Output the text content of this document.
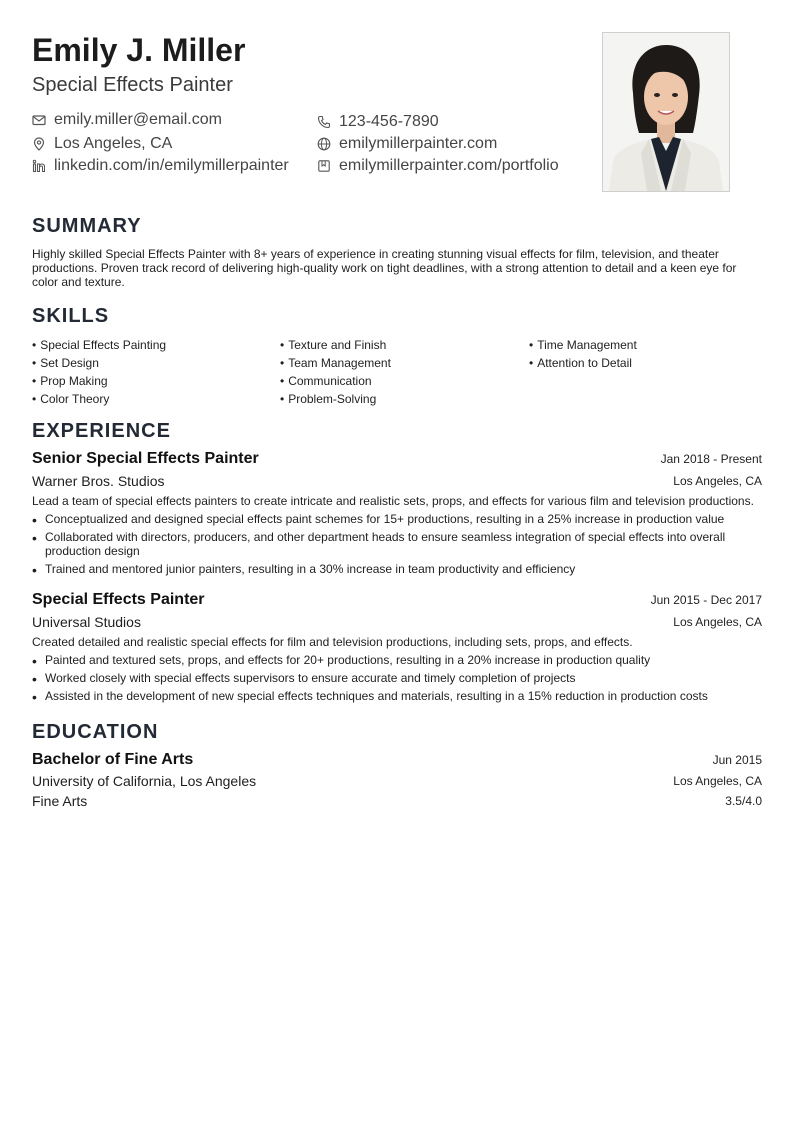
Emily J. Miller
Special Effects Painter
emily.miller@email.com	123-456-7890
Los Angeles, CA	emilymillerpainter.com
linkedin.com/in/emilymillerpainter	emilymillerpainter.com/portfolio
SUMMARY
Highly skilled Special Effects Painter with 8+ years of experience in creating stunning visual effects for film, television, and theater productions. Proven track record of delivering high-quality work on tight deadlines, with a strong attention to detail and a keen eye for color and texture.
SKILLS
• Special Effects Painting
• Set Design
• Prop Making
• Color Theory
• Texture and Finish
• Team Management
• Communication
• Problem-Solving
• Time Management
• Attention to Detail
EXPERIENCE
Senior Special Effects Painter	Jan 2018 - Present
Warner Bros. Studios	Los Angeles, CA
Lead a team of special effects painters to create intricate and realistic sets, props, and effects for various film and television productions.
• Conceptualized and designed special effects paint schemes for 15+ productions, resulting in a 25% increase in production value
• Collaborated with directors, producers, and other department heads to ensure seamless integration of special effects into overall production design
• Trained and mentored junior painters, resulting in a 30% increase in team productivity and efficiency
Special Effects Painter	Jun 2015 - Dec 2017
Universal Studios	Los Angeles, CA
Created detailed and realistic special effects for film and television productions, including sets, props, and effects.
• Painted and textured sets, props, and effects for 20+ productions, resulting in a 20% increase in production quality
• Worked closely with special effects supervisors to ensure accurate and timely completion of projects
• Assisted in the development of new special effects techniques and materials, resulting in a 15% reduction in production costs
EDUCATION
Bachelor of Fine Arts	Jun 2015
University of California, Los Angeles	Los Angeles, CA
Fine Arts	3.5/4.0
